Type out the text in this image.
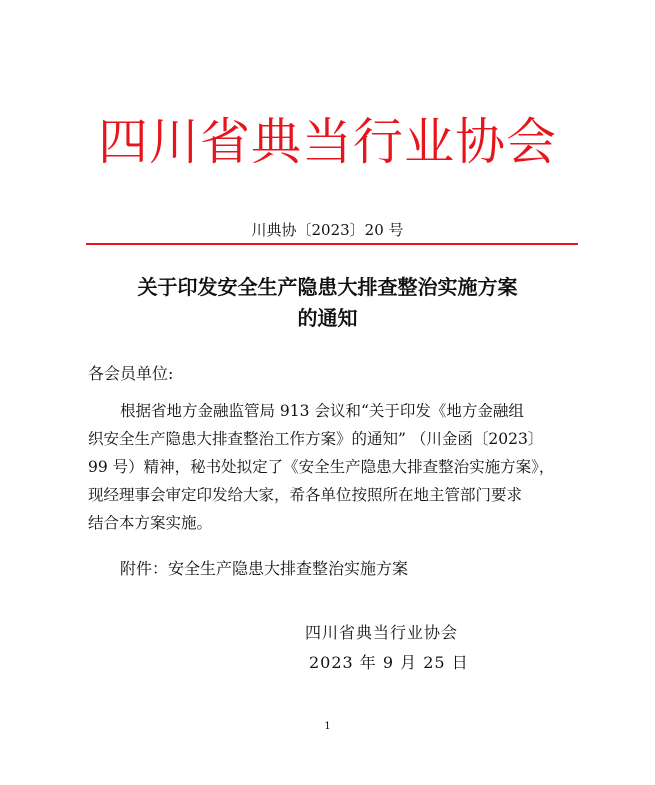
四川省典当行业协会
川典协〔2023〕20 号
关于印发安全生产隐患大排查整治实施方案
的通知
各会员单位:
根据省地方金融监管局 913 会议和“关于印发《地方金融组
织安全生产隐患大排查整治工作方案》的通知” （川金函〔2023〕
99 号）精神，秘书处拟定了《安全生产隐患大排查整治实施方案》，
现经理事会审定印发给大家，希各单位按照所在地主管部门要求
结合本方案实施。
附件：安全生产隐患大排查整治实施方案
四川省典当行业协会
2023 年 9 月 25 日
1
